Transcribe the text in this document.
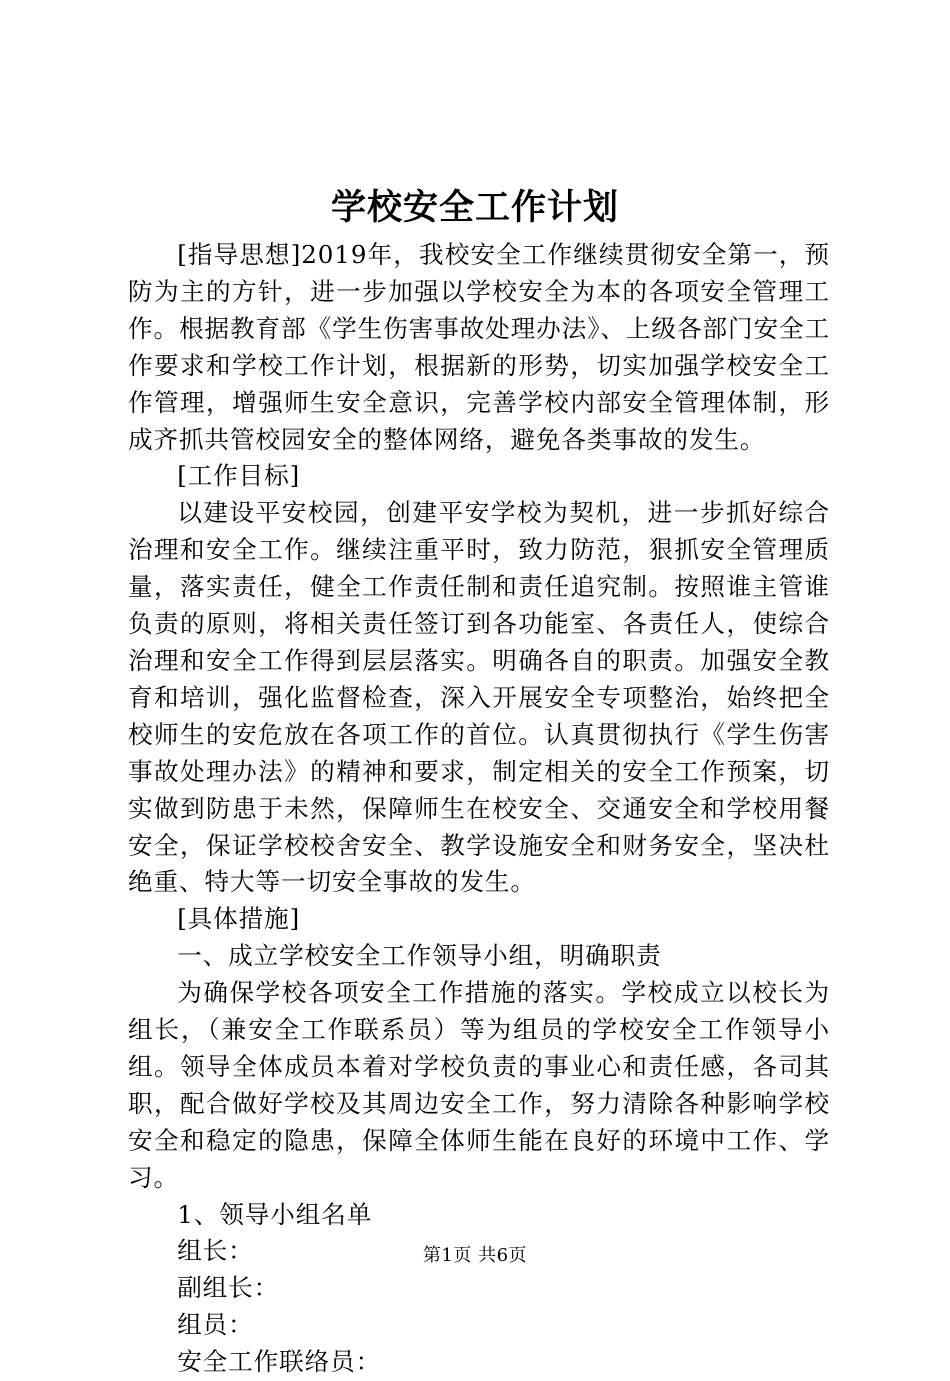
学校安全工作计划

[指导思想]2019年，我校安全工作继续贯彻安全第一，预防为主的方针，进一步加强以学校安全为本的各项安全管理工作。根据教育部《学生伤害事故处理办法》、上级各部门安全工作要求和学校工作计划，根据新的形势，切实加强学校安全工作管理，增强师生安全意识，完善学校内部安全管理体制，形成齐抓共管校园安全的整体网络，避免各类事故的发生。

[工作目标]

以建设平安校园，创建平安学校为契机，进一步抓好综合治理和安全工作。继续注重平时，致力防范，狠抓安全管理质量，落实责任，健全工作责任制和责任追究制。按照谁主管谁负责的原则，将相关责任签订到各功能室、各责任人，使综合治理和安全工作得到层层落实。明确各自的职责。加强安全教育和培训，强化监督检查，深入开展安全专项整治，始终把全校师生的安危放在各项工作的首位。认真贯彻执行《学生伤害事故处理办法》的精神和要求，制定相关的安全工作预案，切实做到防患于未然，保障师生在校安全、交通安全和学校用餐安全，保证学校校舍安全、教学设施安全和财务安全，坚决杜绝重、特大等一切安全事故的发生。

[具体措施]

一、成立学校安全工作领导小组，明确职责

为确保学校各项安全工作措施的落实。学校成立以校长为组长，（兼安全工作联系员）等为组员的学校安全工作领导小组。领导全体成员本着对学校负责的事业心和责任感，各司其职，配合做好学校及其周边安全工作，努力清除各种影响学校安全和稳定的隐患，保障全体师生能在良好的环境中工作、学习。

1、领导小组名单

组长：

副组长：

组员：

安全工作联络员：

第1页 共6页
